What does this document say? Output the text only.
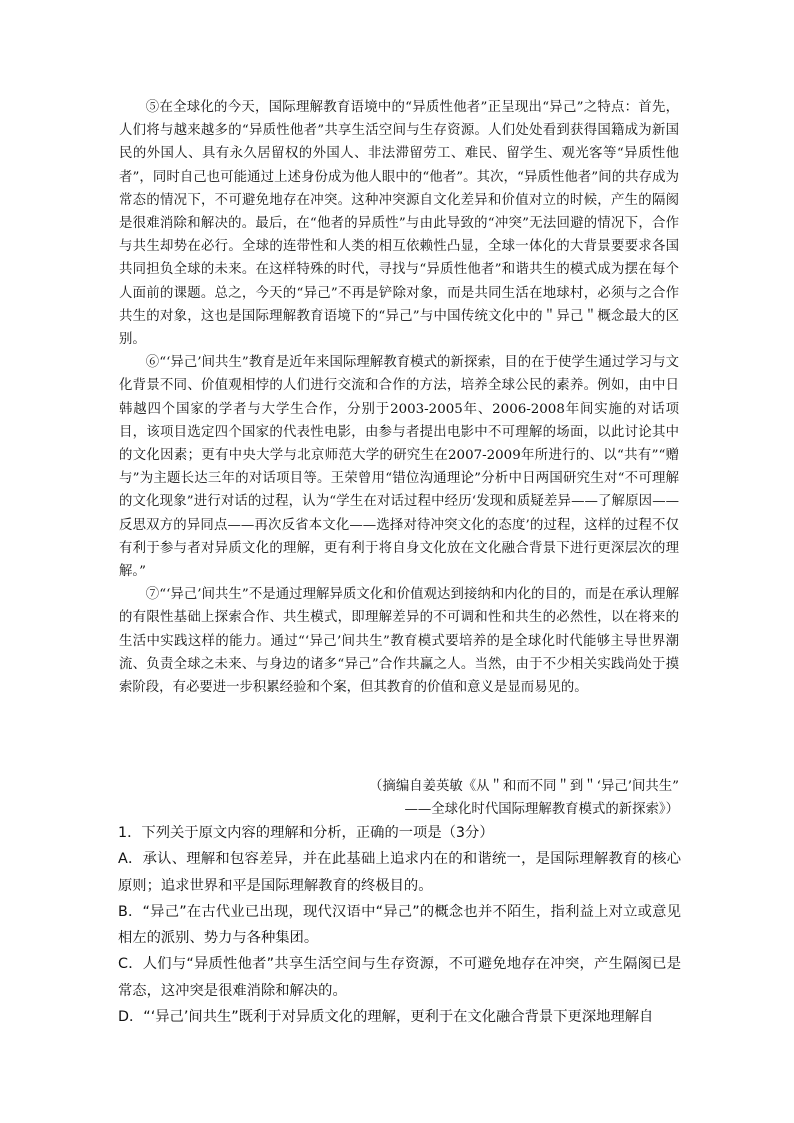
⑤在全球化的今天，国际理解教育语境中的“异质性他者”正呈现出“异己”之特点：首先，人们将与越来越多的“异质性他者”共享生活空间与生存资源。人们处处看到获得国籍成为新国民的外国人、具有永久居留权的外国人、非法滞留劳工、难民、留学生、观光客等“异质性他者”，同时自己也可能通过上述身份成为他人眼中的“他者”。其次，“异质性他者”间的共存成为常态的情况下，不可避免地存在冲突。这种冲突源自文化差异和价值对立的时候，产生的隔阂是很难消除和解决的。最后，在“他者的异质性”与由此导致的“冲突”无法回避的情况下，合作与共生却势在必行。全球的连带性和人类的相互依赖性凸显，全球一体化的大背景要要求各国共同担负全球的未来。在这样特殊的时代，寻找与“异质性他者”和谐共生的模式成为摆在每个人面前的课题。总之，今天的“异己”不再是铲除对象，而是共同生活在地球村，必须与之合作共生的对象，这也是国际理解教育语境下的“异己”与中国传统文化中的＂异己＂概念最大的区别。

⑥“‘异己’间共生”教育是近年来国际理解教育模式的新探索，目的在于使学生通过学习与文化背景不同、价值观相悖的人们进行交流和合作的方法，培养全球公民的素养。例如，由中日韩越四个国家的学者与大学生合作，分别于2003-2005年、2006-2008年间实施的对话项目，该项目选定四个国家的代表性电影，由参与者提出电影中不可理解的场面，以此讨论其中的文化因素；更有中央大学与北京师范大学的研究生在2007-2009年所进行的、以“共有”“赠与”为主题长达三年的对话项目等。王荣曾用“错位沟通理论”分析中日两国研究生对“不可理解的文化现象”进行对话的过程，认为“学生在对话过程中经历‘发现和质疑差异——了解原因——反思双方的异同点——再次反省本文化——选择对待冲突文化的态度’的过程，这样的过程不仅有利于参与者对异质文化的理解，更有利于将自身文化放在文化融合背景下进行更深层次的理解。”

⑦“‘异己’间共生”不是通过理解异质文化和价值观达到接纳和内化的目的，而是在承认理解的有限性基础上探索合作、共生模式，即理解差异的不可调和性和共生的必然性，以在将来的生活中实践这样的能力。通过“‘异己’间共生”教育模式要培养的是全球化时代能够主导世界潮流、负责全球之未来、与身边的诸多“异己”合作共赢之人。当然，由于不少相关实践尚处于摸索阶段，有必要进一步积累经验和个案，但其教育的价值和意义是显而易见的。

（摘编自姜英敏《从＂和而不同＂到＂‘异己’间共生”
——全球化时代国际理解教育模式的新探索》）

1．下列关于原文内容的理解和分析，正确的一项是（3分）

A．承认、理解和包容差异，并在此基础上追求内在的和谐统一，是国际理解教育的核心原则；追求世界和平是国际理解教育的终极目的。

B．“异己”在古代业已出现，现代汉语中“异己”的概念也并不陌生，指利益上对立或意见相左的派别、势力与各种集团。

C．人们与“异质性他者”共享生活空间与生存资源，不可避免地存在冲突，产生隔阂已是常态，这冲突是很难消除和解决的。

D．“‘异己’间共生”既利于对异质文化的理解，更利于在文化融合背景下更深地理解自
